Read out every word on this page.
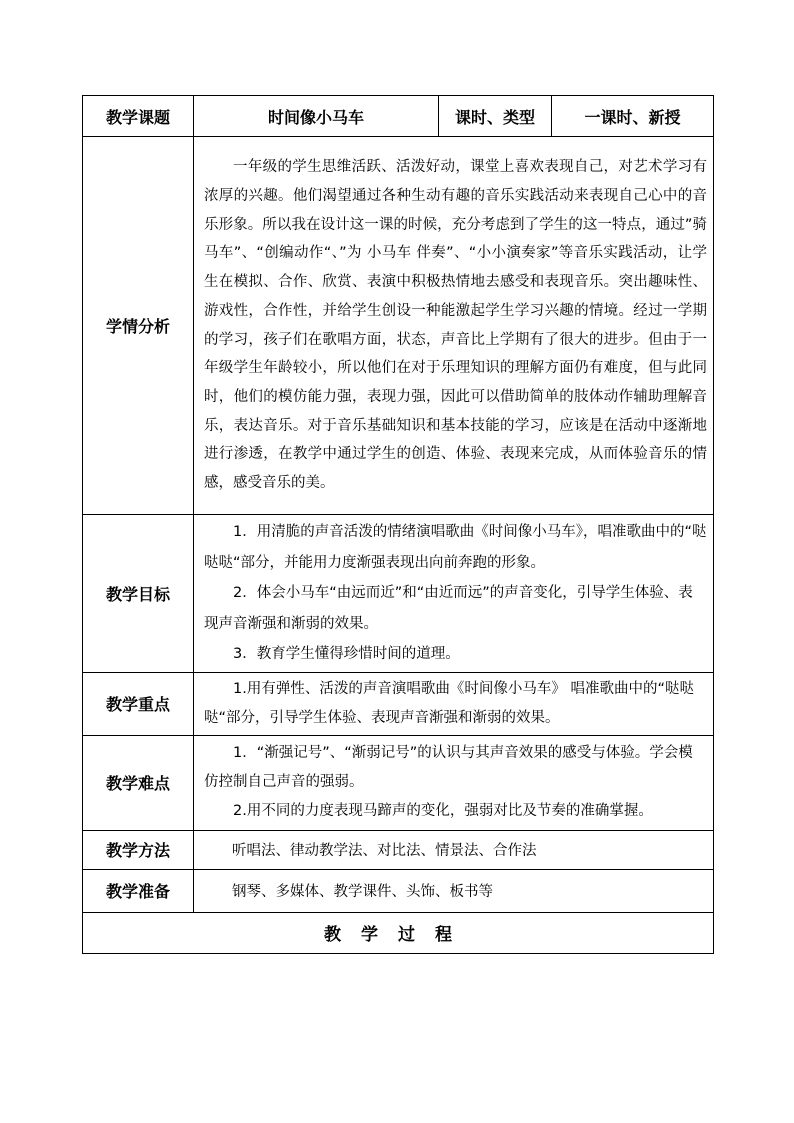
教学课题	时间像小马车	课时、类型	一课时、新授
学情分析	一年级的学生思维活跃、活泼好动，课堂上喜欢表现自己，对艺术学习有浓厚的兴趣。他们渴望通过各种生动有趣的音乐实践活动来表现自己心中的音乐形象。所以我在设计这一课的时候，充分考虑到了学生的这一特点，通过”骑马车”、“创编动作“、”为 小马车 伴奏”、“小小演奏家”等音乐实践活动，让学生在模拟、合作、欣赏、表演中积极热情地去感受和表现音乐。突出趣味性、游戏性，合作性，并给学生创设一种能激起学生学习兴趣的情境。经过一学期的学习，孩子们在歌唱方面，状态，声音比上学期有了很大的进步。但由于一年级学生年龄较小，所以他们在对于乐理知识的理解方面仍有难度，但与此同时，他们的模仿能力强，表现力强，因此可以借助简单的肢体动作辅助理解音乐，表达音乐。对于音乐基础知识和基本技能的学习，应该是在活动中逐渐地进行渗透，在教学中通过学生的创造、体验、表现来完成，从而体验音乐的情感，感受音乐的美。		

教学目标	1．用清脆的声音活泼的情绪演唱歌曲《时间像小马车》，唱准歌曲中的“哒哒哒“部分，并能用力度渐强表现出向前奔跑的形象。

2．体会小马车“由远而近”和“由近而远”的声音变化，引导学生体验、表现声音渐强和渐弱的效果。

3．教育学生懂得珍惜时间的道理。		

教学重点	1.用有弹性、活泼的声音演唱歌曲《时间像小马车》 唱准歌曲中的“哒哒哒“部分，引导学生体验、表现声音渐强和渐弱的效果。		

教学难点	1．“渐强记号”、“渐弱记号”的认识与其声音效果的感受与体验。学会模仿控制自己声音的强弱。

2.用不同的力度表现马蹄声的变化，强弱对比及节奏的准确掌握。		

教学方法	听唱法、律动教学法、对比法、情景法、合作法		
教学准备	钢琴、多媒体、教学课件、头饰、板书等		
教学过程			
